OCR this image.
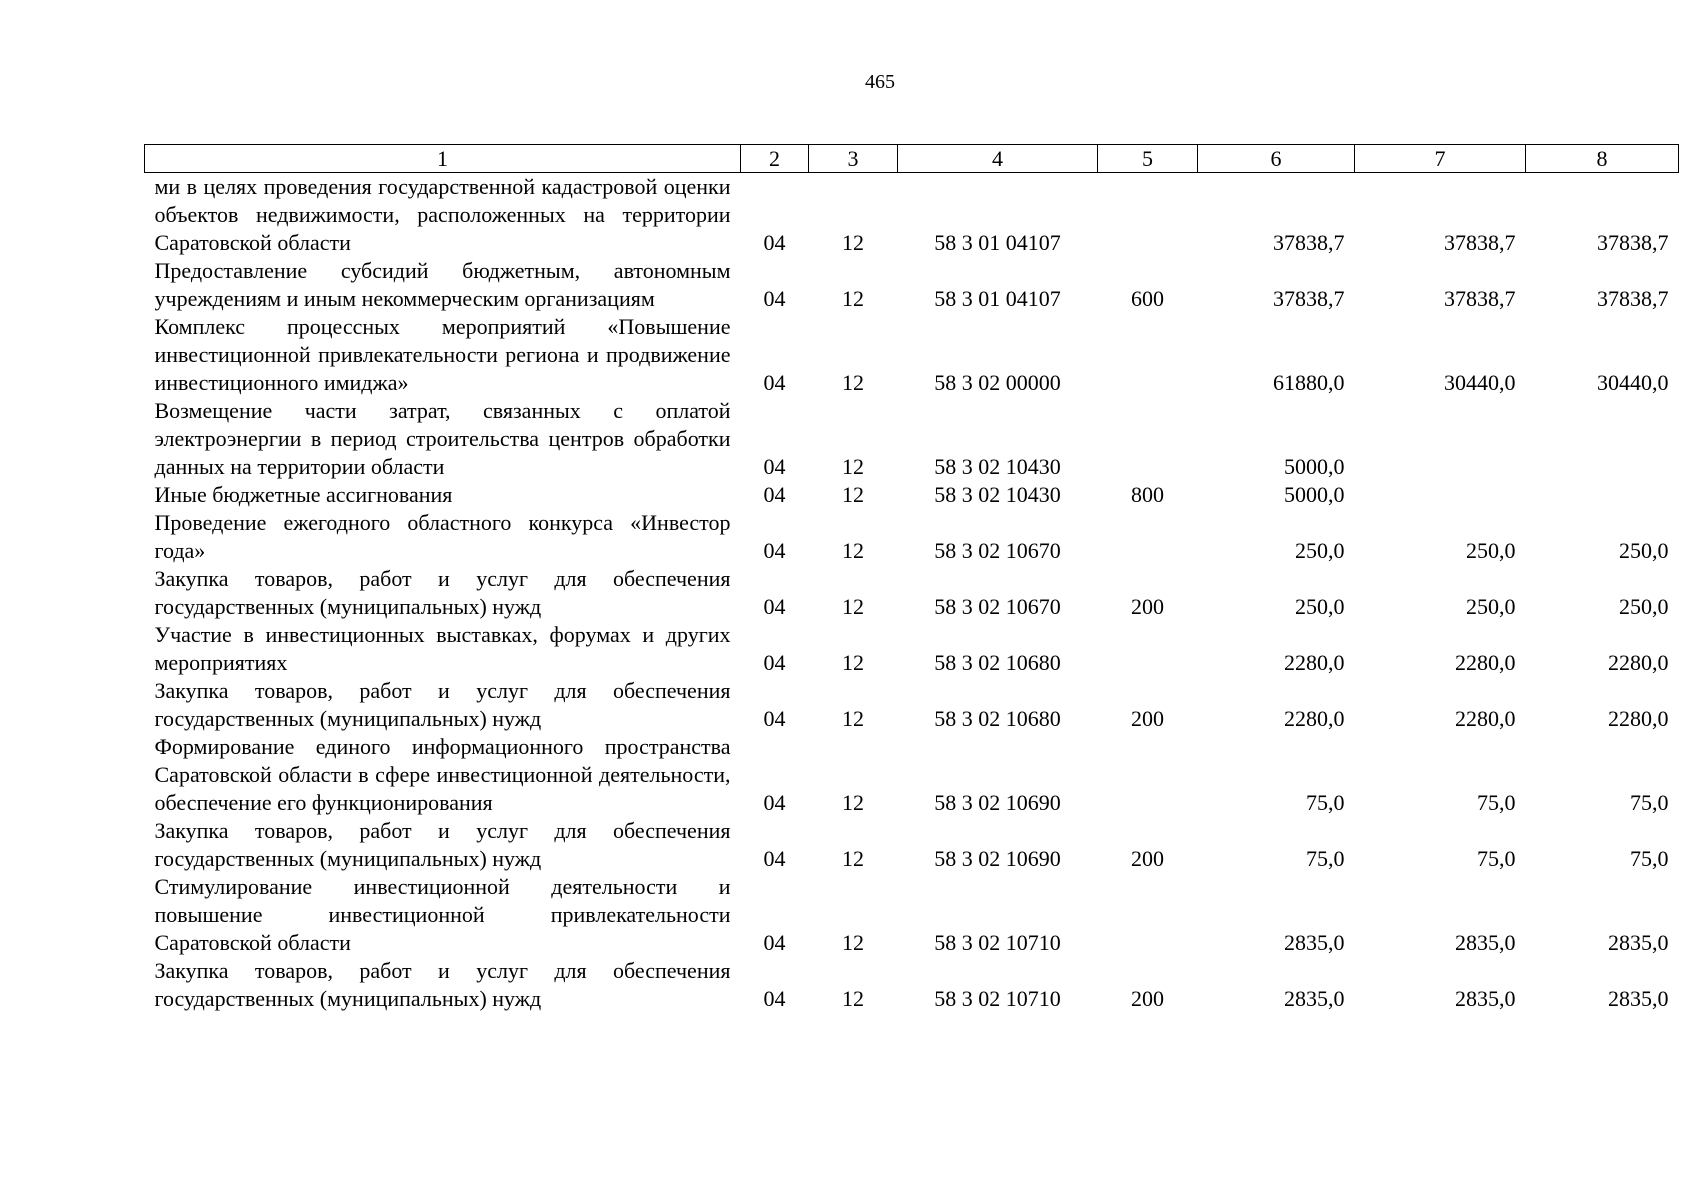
465
1	2	3	4	5	6	7	8
ми в целях проведения государственной кадастровой оценки объектов недвижимости, расположенных на территории Саратовской области	04	12	58 3 01 04107		37838,7	37838,7	37838,7
Предоставление субсидий бюджетным, автономным учреждениям и иным некоммерческим организациям	04	12	58 3 01 04107	600	37838,7	37838,7	37838,7
Комплекс процессных мероприятий «Повышение инвестиционной привлекательности региона и продвижение инвестиционного имиджа»	04	12	58 3 02 00000		61880,0	30440,0	30440,0
Возмещение части затрат, связанных с оплатой электроэнергии в период строительства центров обработки данных на территории области	04	12	58 3 02 10430		5000,0		
Иные бюджетные ассигнования	04	12	58 3 02 10430	800	5000,0		
Проведение ежегодного областного конкурса «Инвестор года»	04	12	58 3 02 10670		250,0	250,0	250,0
Закупка товаров, работ и услуг для обеспечения государственных (муниципальных) нужд	04	12	58 3 02 10670	200	250,0	250,0	250,0
Участие в инвестиционных выставках, форумах и других мероприятиях	04	12	58 3 02 10680		2280,0	2280,0	2280,0
Закупка товаров, работ и услуг для обеспечения государственных (муниципальных) нужд	04	12	58 3 02 10680	200	2280,0	2280,0	2280,0
Формирование единого информационного пространства Саратовской области в сфере инвестиционной деятельности, обеспечение его функционирования	04	12	58 3 02 10690		75,0	75,0	75,0
Закупка товаров, работ и услуг для обеспечения государственных (муниципальных) нужд	04	12	58 3 02 10690	200	75,0	75,0	75,0
Стимулирование инвестиционной деятельности и повышение инвестиционной привлекательности Саратовской области	04	12	58 3 02 10710		2835,0	2835,0	2835,0
Закупка товаров, работ и услуг для обеспечения государственных (муниципальных) нужд	04	12	58 3 02 10710	200	2835,0	2835,0	2835,0
